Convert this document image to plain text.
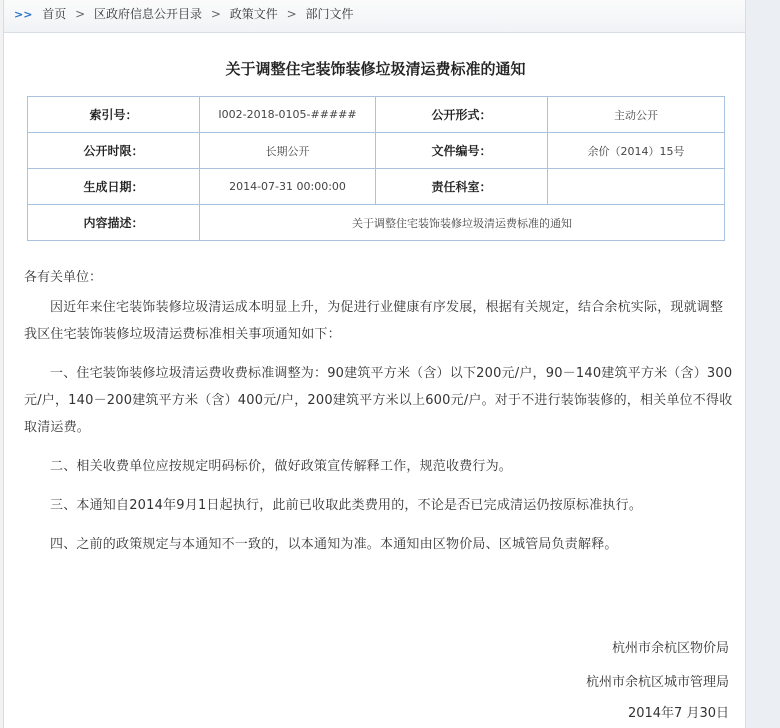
>> 首页 > 区政府信息公开目录 > 政策文件 > 部门文件
关于调整住宅装饰装修垃圾清运费标准的通知
索引号：	I002-2018-0105-#####	公开形式：	主动公开
公开时限：	长期公开	文件编号：	余价（2014）15号
生成日期：	2014-07-31 00:00:00	责任科室：	
内容描述：	关于调整住宅装饰装修垃圾清运费标准的通知		

各有关单位：

因近年来住宅装饰装修垃圾清运成本明显上升，为促进行业健康有序发展，根据有关规定，结合余杭实际，现就调整我区住宅装饰装修垃圾清运费标准相关事项通知如下：

一、住宅装饰装修垃圾清运费收费标准调整为：90建筑平方米（含）以下200元/户，90－140建筑平方米（含）300元/户，140－200建筑平方米（含）400元/户，200建筑平方米以上600元/户。对于不进行装饰装修的，相关单位不得收取清运费。

二、相关收费单位应按规定明码标价，做好政策宣传解释工作，规范收费行为。

三、本通知自2014年9月1日起执行，此前已收取此类费用的，不论是否已完成清运仍按原标准执行。

四、之前的政策规定与本通知不一致的，以本通知为准。本通知由区物价局、区城管局负责解释。

杭州市余杭区物价局
杭州市余杭区城市管理局
2014年7 月30日
